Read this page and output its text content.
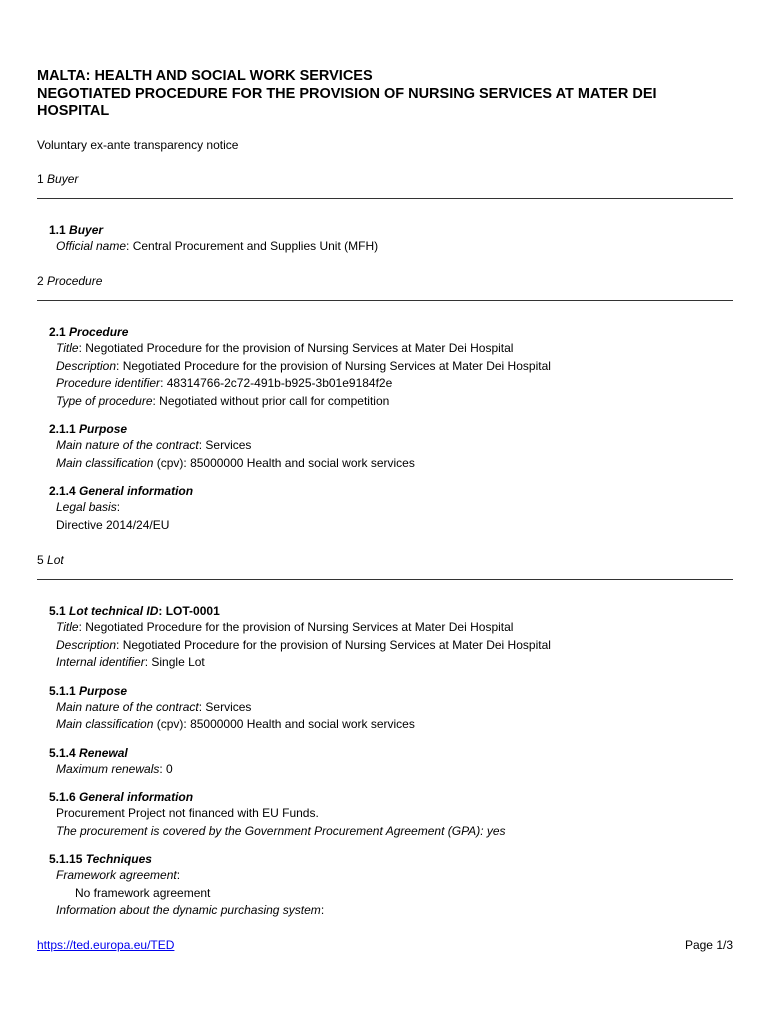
MALTA: HEALTH AND SOCIAL WORK SERVICES

NEGOTIATED PROCEDURE FOR THE PROVISION OF NURSING SERVICES AT MATER DEI

HOSPITAL

Voluntary ex-ante transparency notice
1 Buyer
1.1 Buyer
Official name: Central Procurement and Supplies Unit (MFH)
2 Procedure
2.1 Procedure
Title: Negotiated Procedure for the provision of Nursing Services at Mater Dei Hospital
Description: Negotiated Procedure for the provision of Nursing Services at Mater Dei Hospital
Procedure identifier: 48314766-2c72-491b-b925-3b01e9184f2e
Type of procedure: Negotiated without prior call for competition
2.1.1 Purpose
Main nature of the contract: Services
Main classification (cpv): 85000000 Health and social work services
2.1.4 General information
Legal basis:
Directive 2014/24/EU
5 Lot
5.1 Lot technical ID: LOT-0001
Title: Negotiated Procedure for the provision of Nursing Services at Mater Dei Hospital
Description: Negotiated Procedure for the provision of Nursing Services at Mater Dei Hospital
Internal identifier: Single Lot
5.1.1 Purpose
Main nature of the contract: Services
Main classification (cpv): 85000000 Health and social work services
5.1.4 Renewal
Maximum renewals: 0
5.1.6 General information
Procurement Project not financed with EU Funds.
The procurement is covered by the Government Procurement Agreement (GPA): yes
5.1.15 Techniques
Framework agreement:
No framework agreement
Information about the dynamic purchasing system:
https://ted.europa.eu/TED	Page 1/3
